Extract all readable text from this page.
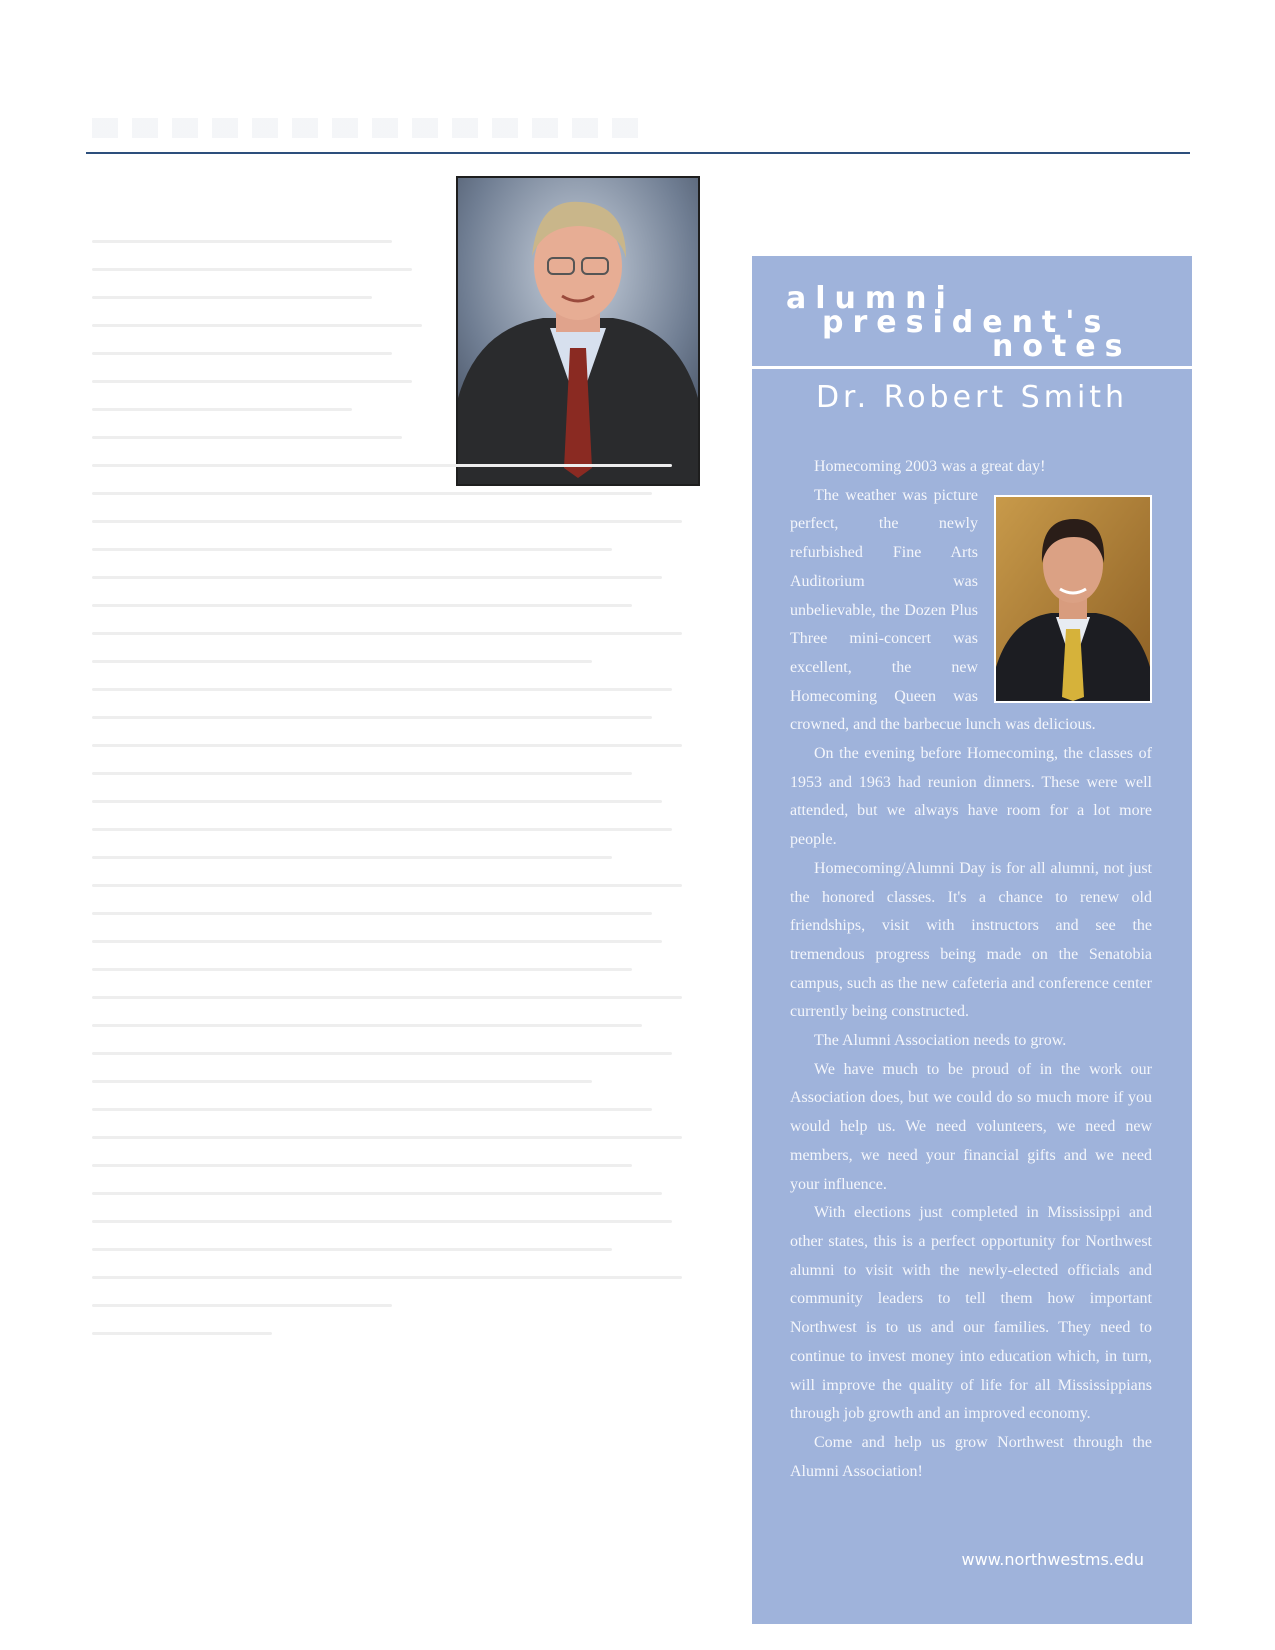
alumni
president's
notes
Dr. Robert Smith

Homecoming 2003 was a great day!

The weather was picture perfect, the newly refurbished Fine Arts Auditorium was unbelievable, the Dozen Plus Three mini-concert was excellent, the new Homecoming Queen was crowned, and the barbecue lunch was delicious.

On the evening before Homecoming, the classes of 1953 and 1963 had reunion dinners. These were well attended, but we always have room for a lot more people.

Homecoming/Alumni Day is for all alumni, not just the honored classes. It's a chance to renew old friendships, visit with instructors and see the tremendous progress being made on the Senatobia campus, such as the new cafeteria and conference center currently being constructed.

The Alumni Association needs to grow.

We have much to be proud of in the work our Association does, but we could do so much more if you would help us. We need volunteers, we need new members, we need your financial gifts and we need your influence.

With elections just completed in Mississippi and other states, this is a perfect opportunity for Northwest alumni to visit with the newly-elected officials and community leaders to tell them how important Northwest is to us and our families. They need to continue to invest money into education which, in turn, will improve the quality of life for all Mississippians through job growth and an improved economy.

Come and help us grow Northwest through the Alumni Association!

www.northwestms.edu
